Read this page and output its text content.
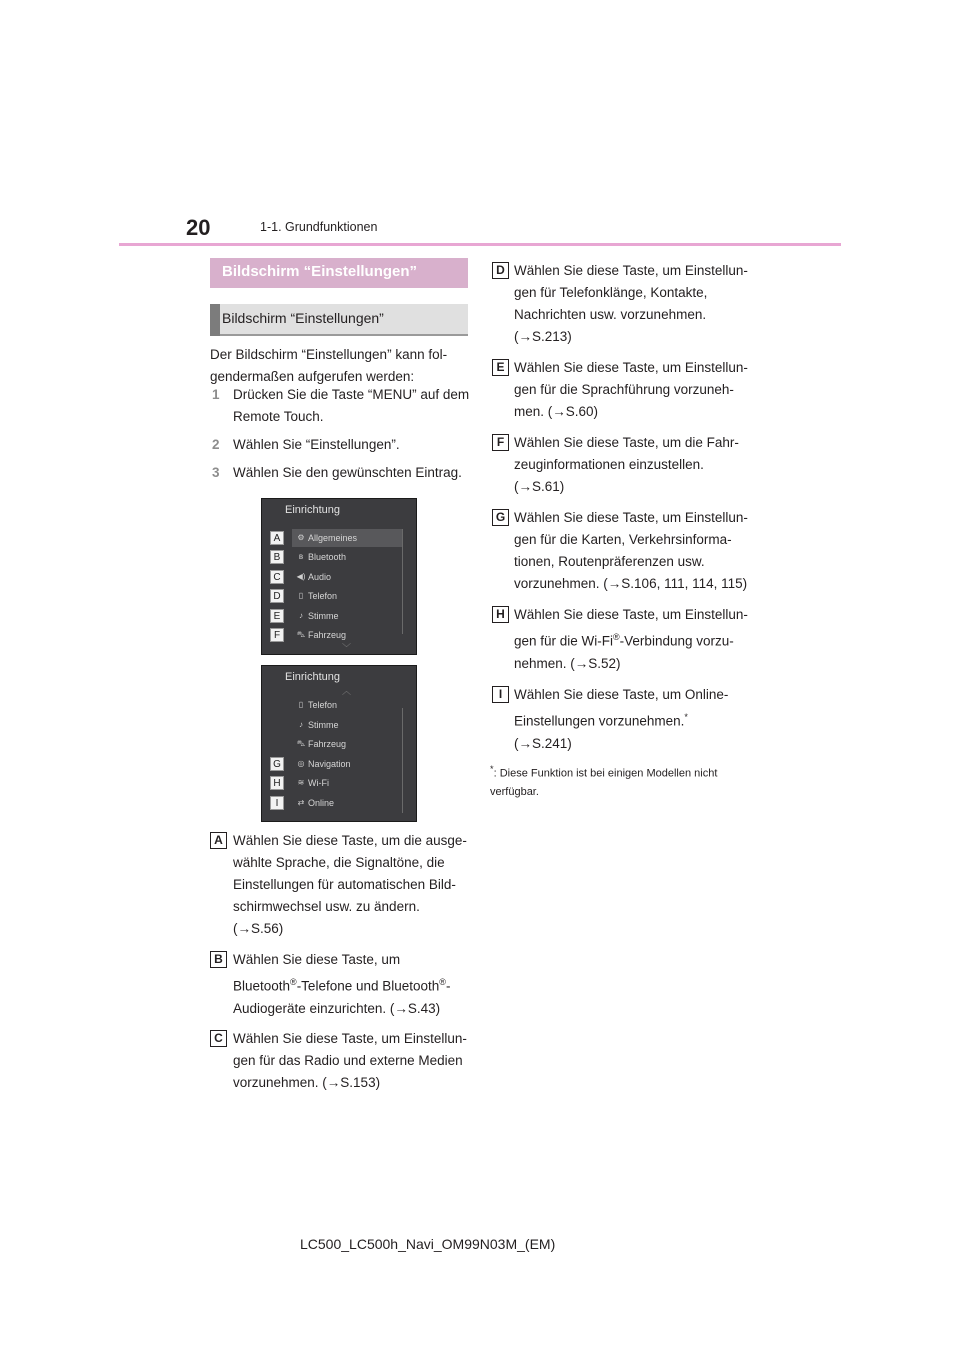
20	1-1. Grundfunktionen
Bildschirm “Einstellungen”
Bildschirm “Einstellungen”
Der Bildschirm “Einstellungen” kann fol- gendermaßen aufgerufen werden:
1 Drücken Sie die Taste “MENU” auf dem Remote Touch.
2 Wählen Sie “Einstellungen”.
3 Wählen Sie den gewünschten Eintrag.
Einrichtung
﹀
A	⚙ Allgemeines
B	ʙ Bluetooth
C	◀) Audio
D	▯ Telefon
E	♪ Stimme
F	⛍ Fahrzeug
Einrichtung
︿
▯ Telefon
♪ Stimme
⛍ Fahrzeug
G	◎ Navigation
H	≋ Wi-Fi
I	⇄ Online
A Wählen Sie diese Taste, um die ausge- wählte Sprache, die Signaltöne, die Einstellungen für automatischen Bild- schirmwechsel usw. zu ändern. (→S.56)
B Wählen Sie diese Taste, um Bluetooth®-Telefone und Bluetooth®- Audiogeräte einzurichten. (→S.43)
C Wählen Sie diese Taste, um Einstellun- gen für das Radio und externe Medien vorzunehmen. (→S.153)
D Wählen Sie diese Taste, um Einstellun- gen für Telefonklänge, Kontakte, Nachrichten usw. vorzunehmen. (→S.213)
E Wählen Sie diese Taste, um Einstellun- gen für die Sprachführung vorzuneh- men. (→S.60)
F Wählen Sie diese Taste, um die Fahr- zeuginformationen einzustellen. (→S.61)
G Wählen Sie diese Taste, um Einstellun- gen für die Karten, Verkehrsinforma- tionen, Routenpräferenzen usw. vorzunehmen. (→S.106, 111, 114, 115)
H Wählen Sie diese Taste, um Einstellun- gen für die Wi-Fi®-Verbindung vorzu- nehmen. (→S.52)
I Wählen Sie diese Taste, um Online- Einstellungen vorzunehmen.*
(→S.241)
*: Diese Funktion ist bei einigen Modellen nicht verfügbar.
LC500_LC500h_Navi_OM99N03M_(EM)
